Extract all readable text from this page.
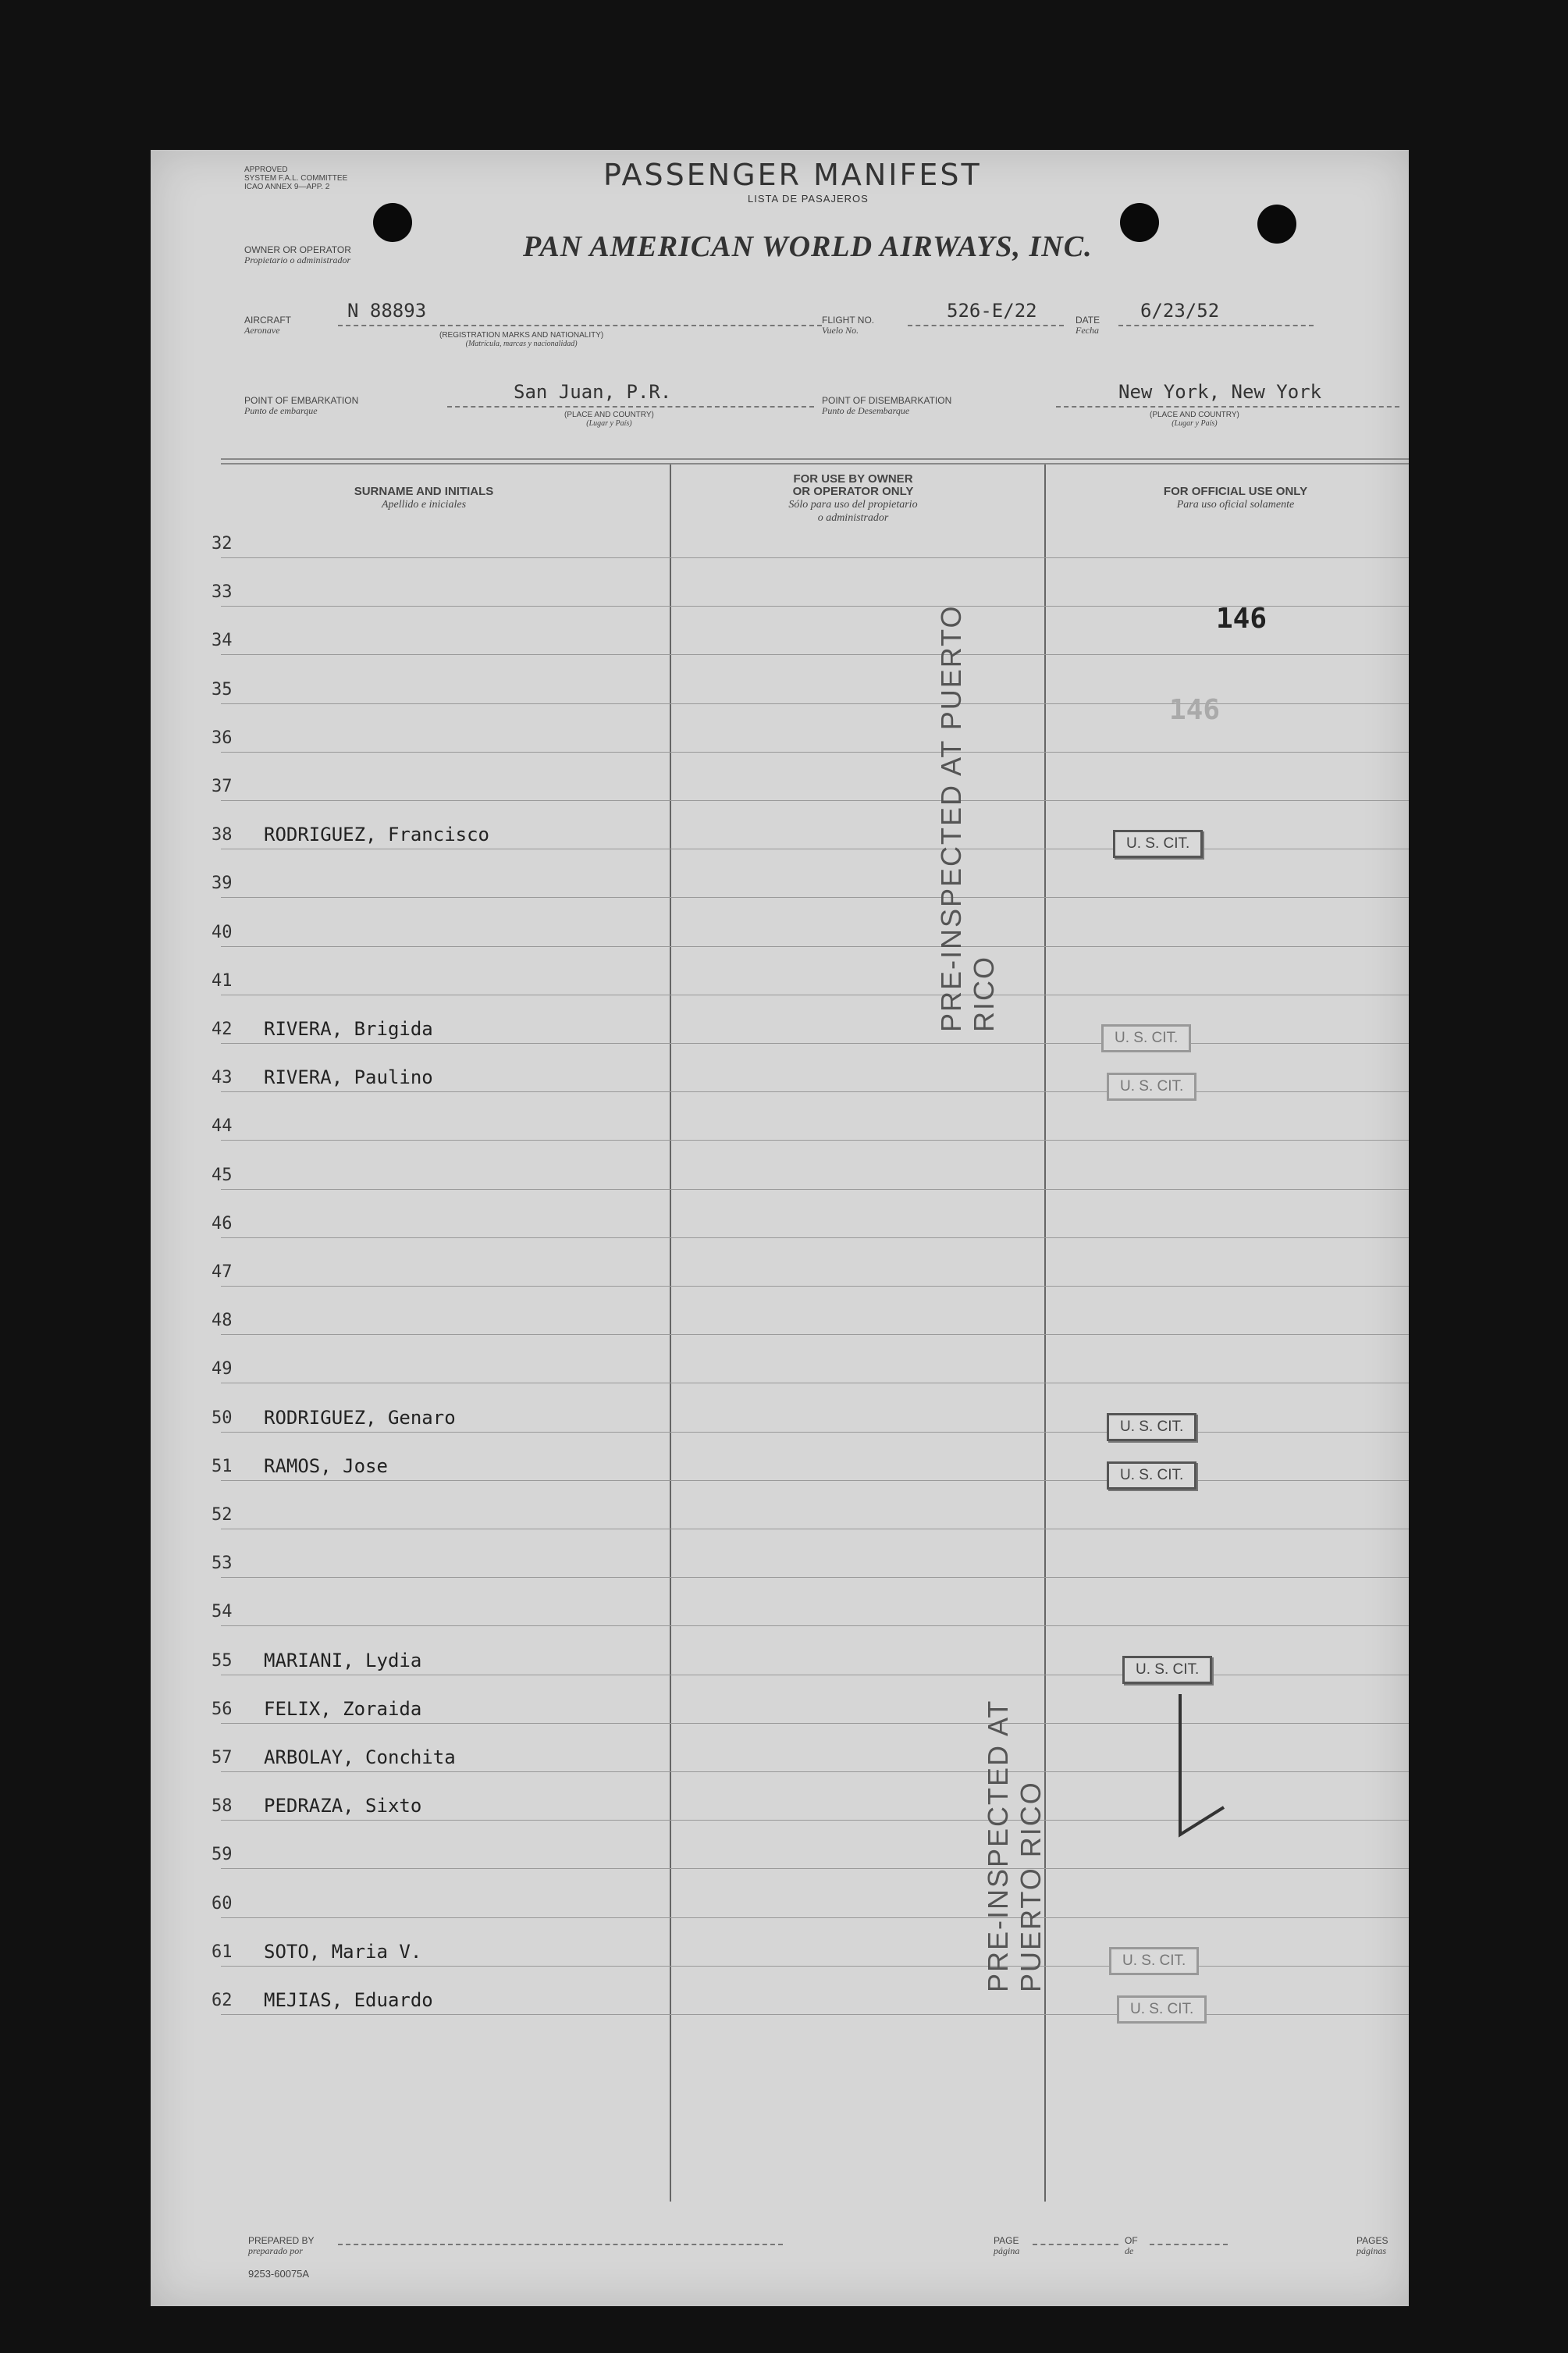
APPROVED
SYSTEM F.A.L. COMMITTEE
ICAO ANNEX 9—APP. 2	PASSENGER MANIFEST
LISTA DE PASAJEROS
OWNER OR OPERATOR
Propietario o administrador	PAN AMERICAN WORLD AIRWAYS, INC.
AIRCRAFT
Aeronave
N 88893
(REGISTRATION MARKS AND NATIONALITY)
(Matrícula, marcas y nacionalidad)
FLIGHT NO.
Vuelo No.
526-E/22	DATE
Fecha
6/23/52
POINT OF EMBARKATION
Punto de embarque
San Juan, P.R.
(PLACE AND COUNTRY)
(Lugar y País)
POINT OF DISEMBARKATION
Punto de Desembarque
New York, New York
(PLACE AND COUNTRY)
(Lugar y País)
SURNAME AND INITIALS
Apellido e iniciales
FOR USE BY OWNER
OR OPERATOR ONLY
Sólo para uso del propietario
o administrador
FOR OFFICIAL USE ONLY
Para uso oficial solamente
32
33
34
35
36
37
38 RODRIGUEZ, Francisco	U. S. CIT.
39
40
41
42 RIVERA, Brigida	U. S. CIT.
43 RIVERA, Paulino	U. S. CIT.
44
45
46
47
48
49
50 RODRIGUEZ, Genaro	U. S. CIT.
51 RAMOS, Jose	U. S. CIT.
52
53
54
55 MARIANI, Lydia	U. S. CIT.
56 FELIX, Zoraida
57 ARBOLAY, Conchita
58 PEDRAZA, Sixto
59
60
61 SOTO, Maria V.	U. S. CIT.
62 MEJIAS, Eduardo	U. S. CIT.
146
146
PRE-INSPECTED AT PUERTO RICO
PRE-INSPECTED AT PUERTO RICO
PREPARED BY
preparado por
PAGE
página
OF
de
PAGES
páginas
9253-60075A
